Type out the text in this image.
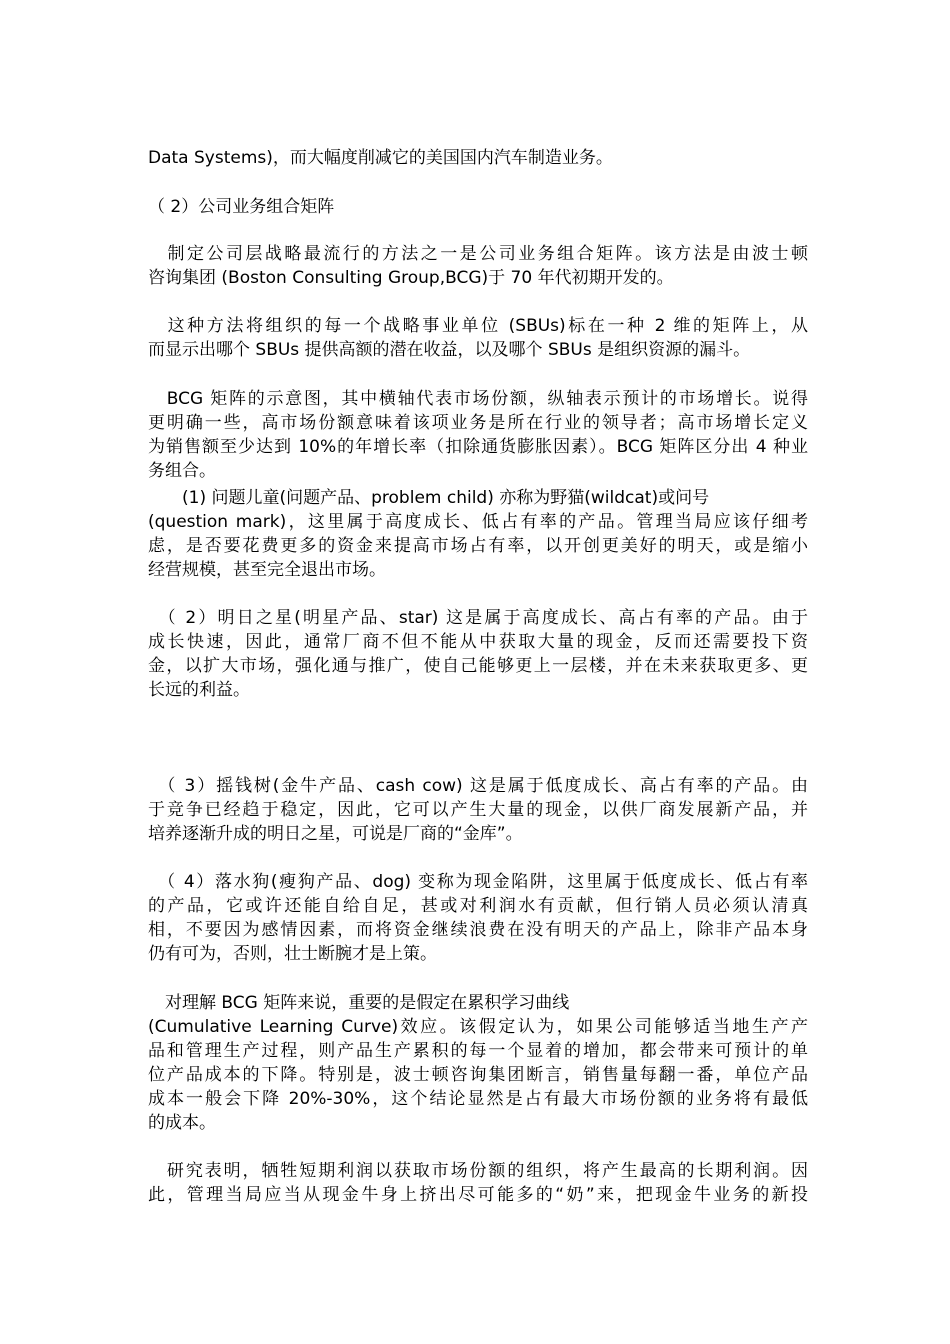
Data Systems)，而大幅度削减它的美国国内汽车制造业务。
（ 2）公司业务组合矩阵
　制定公司层战略最流行的方法之一是公司业务组合矩阵。该方法是由波士顿
咨询集团 (Boston Consulting Group,BCG)于 70 年代初期开发的。
　这种方法将组织的每一个战略事业单位 (SBUs)标在一种 2 维的矩阵上，从
而显示出哪个 SBUs 提供高额的潜在收益，以及哪个 SBUs 是组织资源的漏斗。
　BCG 矩阵的示意图，其中横轴代表市场份额，纵轴表示预计的市场增长。说得
更明确一些，高市场份额意味着该项业务是所在行业的领导者；高市场增长定义
为销售额至少达到 10%的年增长率（扣除通货膨胀因素）。BCG 矩阵区分出 4 种业
务组合。
　　(1) 问题儿童(问题产品、problem child) 亦称为野猫(wildcat)或问号
(question mark)，这里属于高度成长、低占有率的产品。管理当局应该仔细考
虑，是否要花费更多的资金来提高市场占有率，以开创更美好的明天，或是缩小
经营规模，甚至完全退出市场。
　（ 2）明日之星(明星产品、star) 这是属于高度成长、高占有率的产品。由于
成长快速，因此，通常厂商不但不能从中获取大量的现金，反而还需要投下资
金，以扩大市场，强化通与推广，使自己能够更上一层楼，并在未来获取更多、更
长远的利益。
　（ 3）摇钱树(金牛产品、cash cow) 这是属于低度成长、高占有率的产品。由
于竞争已经趋于稳定，因此，它可以产生大量的现金，以供厂商发展新产品，并
培养逐渐升成的明日之星，可说是厂商的“金库”。
　（ 4）落水狗(瘦狗产品、dog) 变称为现金陷阱，这里属于低度成长、低占有率
的产品，它或许还能自给自足，甚或对利润水有贡献，但行销人员必须认清真
相，不要因为感情因素，而将资金继续浪费在没有明天的产品上，除非产品本身
仍有可为，否则，壮士断腕才是上策。
　对理解 BCG 矩阵来说，重要的是假定在累积学习曲线
(Cumulative Learning Curve)效应。该假定认为，如果公司能够适当地生产产
品和管理生产过程，则产品生产累积的每一个显着的增加，都会带来可预计的单
位产品成本的下降。特别是，波士顿咨询集团断言，销售量每翻一番，单位产品
成本一般会下降 20%-30%，这个结论显然是占有最大市场份额的业务将有最低
的成本。
　研究表明，牺牲短期利润以获取市场份额的组织，将产生最高的长期利润。因
此，管理当局应当从现金牛身上挤出尽可能多的“奶”来，把现金牛业务的新投
